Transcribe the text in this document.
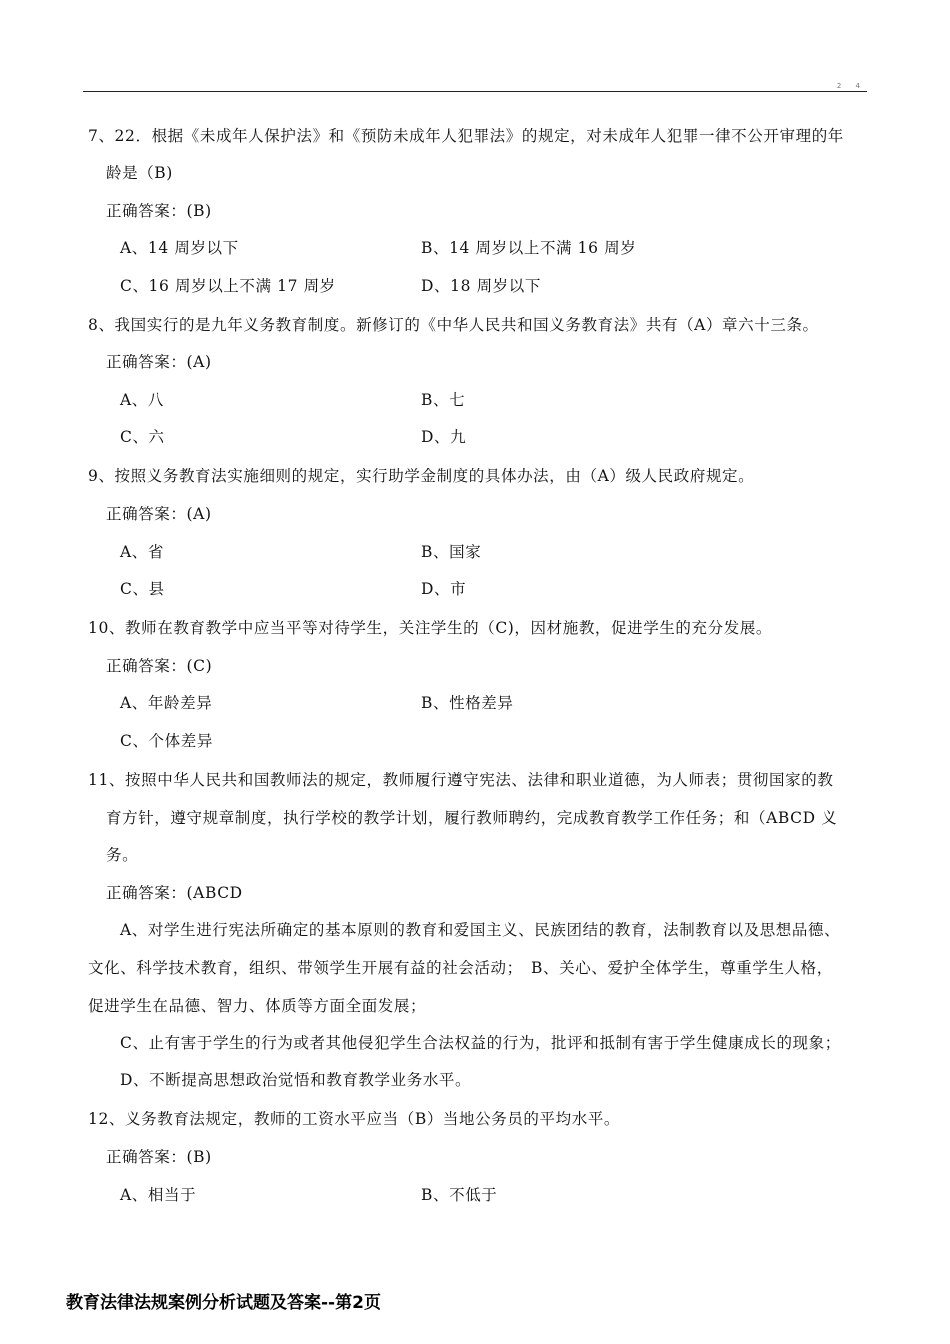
2 4
7、22．根据《未成年人保护法》和《预防未成年人犯罪法》的规定，对未成年人犯罪一律不公开审理的年
龄是（B)
正确答案：(B)
A、14 周岁以下	B、14 周岁以上不满 16 周岁
C、16 周岁以上不满 17 周岁	D、18 周岁以下
8、我国实行的是九年义务教育制度。新修订的《中华人民共和国义务教育法》共有（A）章六十三条。
正确答案：(A)
A、八	B、七
C、六	D、九
9、按照义务教育法实施细则的规定，实行助学金制度的具体办法，由（A）级人民政府规定。
正确答案：(A)
A、省	B、国家
C、县	D、市
10、教师在教育教学中应当平等对待学生，关注学生的（C)，因材施教，促进学生的充分发展。
正确答案：(C)
A、年龄差异	B、性格差异
C、个体差异
11、按照中华人民共和国教师法的规定，教师履行遵守宪法、法律和职业道德，为人师表；贯彻国家的教
育方针，遵守规章制度，执行学校的教学计划，履行教师聘约，完成教育教学工作任务；和（ABCD 义
务。
正确答案：(ABCD
A、对学生进行宪法所确定的基本原则的教育和爱国主义、民族团结的教育，法制教育以及思想品德、
文化、科学技术教育，组织、带领学生开展有益的社会活动；　B、关心、爱护全体学生，尊重学生人格，
促进学生在品德、智力、体质等方面全面发展；
C、止有害于学生的行为或者其他侵犯学生合法权益的行为，批评和抵制有害于学生健康成长的现象；
D、不断提高思想政治觉悟和教育教学业务水平。
12、义务教育法规定，教师的工资水平应当（B）当地公务员的平均水平。
正确答案：(B)
A、相当于	B、不低于
教育法律法规案例分析试题及答案--第2页
